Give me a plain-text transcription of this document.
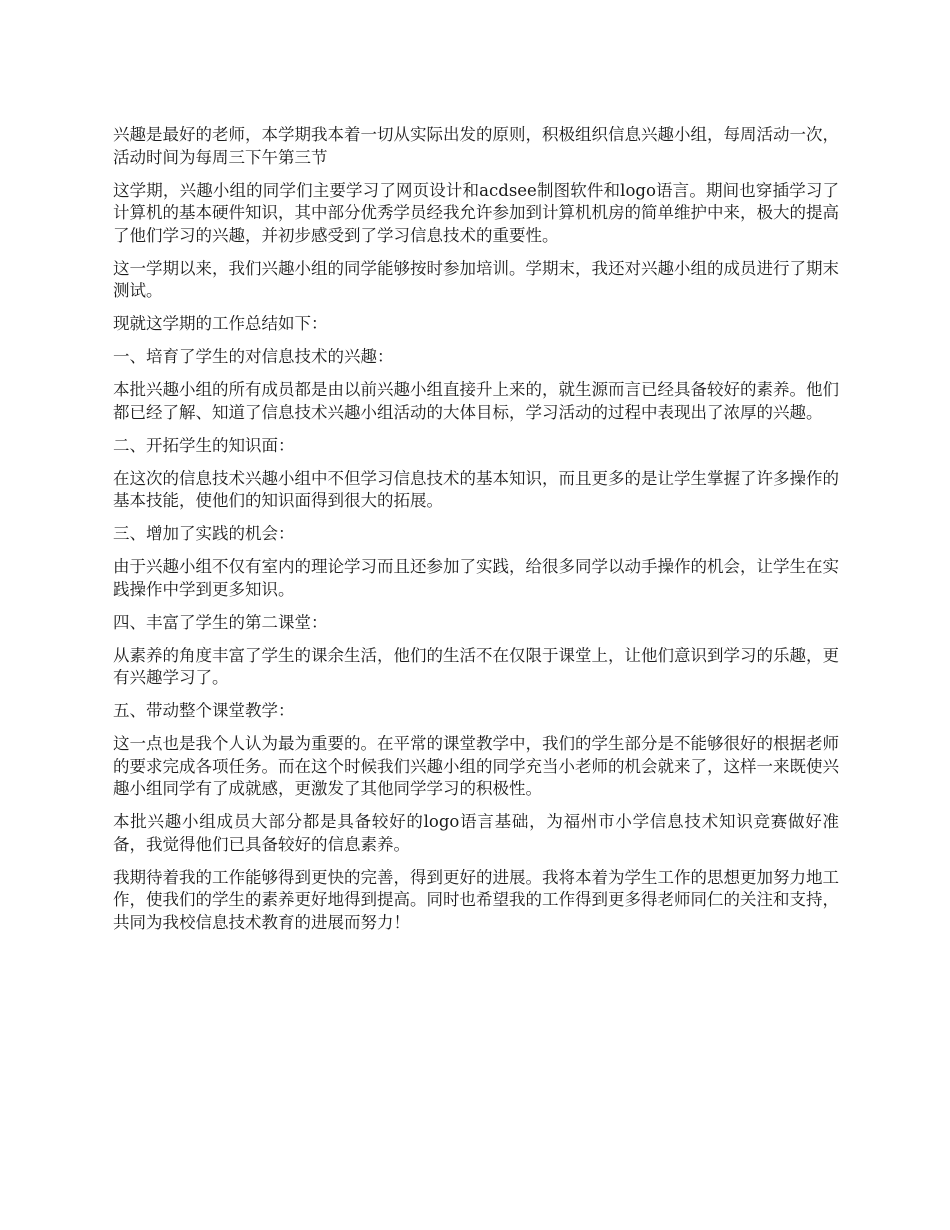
兴趣是最好的老师，本学期我本着一切从实际出发的原则，积极组织信息兴趣小组，每周活动一次，活动时间为每周三下午第三节

这学期，兴趣小组的同学们主要学习了网页设计和acdsee制图软件和logo语言。期间也穿插学习了计算机的基本硬件知识，其中部分优秀学员经我允许参加到计算机机房的简单维护中来，极大的提高了他们学习的兴趣，并初步感受到了学习信息技术的重要性。

这一学期以来，我们兴趣小组的同学能够按时参加培训。学期末，我还对兴趣小组的成员进行了期末测试。

现就这学期的工作总结如下：

一、培育了学生的对信息技术的兴趣：

本批兴趣小组的所有成员都是由以前兴趣小组直接升上来的，就生源而言已经具备较好的素养。他们都已经了解、知道了信息技术兴趣小组活动的大体目标，学习活动的过程中表现出了浓厚的兴趣。

二、开拓学生的知识面：

在这次的信息技术兴趣小组中不但学习信息技术的基本知识，而且更多的是让学生掌握了许多操作的基本技能，使他们的知识面得到很大的拓展。

三、增加了实践的机会：

由于兴趣小组不仅有室内的理论学习而且还参加了实践，给很多同学以动手操作的机会，让学生在实践操作中学到更多知识。

四、丰富了学生的第二课堂：

从素养的角度丰富了学生的课余生活，他们的生活不在仅限于课堂上，让他们意识到学习的乐趣，更有兴趣学习了。

五、带动整个课堂教学：

这一点也是我个人认为最为重要的。在平常的课堂教学中，我们的学生部分是不能够很好的根据老师的要求完成各项任务。而在这个时候我们兴趣小组的同学充当小老师的机会就来了，这样一来既使兴趣小组同学有了成就感，更激发了其他同学学习的积极性。

本批兴趣小组成员大部分都是具备较好的logo语言基础，为福州市小学信息技术知识竞赛做好准备，我觉得他们已具备较好的信息素养。

我期待着我的工作能够得到更快的完善，得到更好的进展。我将本着为学生工作的思想更加努力地工作，使我们的学生的素养更好地得到提高。同时也希望我的工作得到更多得老师同仁的关注和支持，共同为我校信息技术教育的进展而努力！
